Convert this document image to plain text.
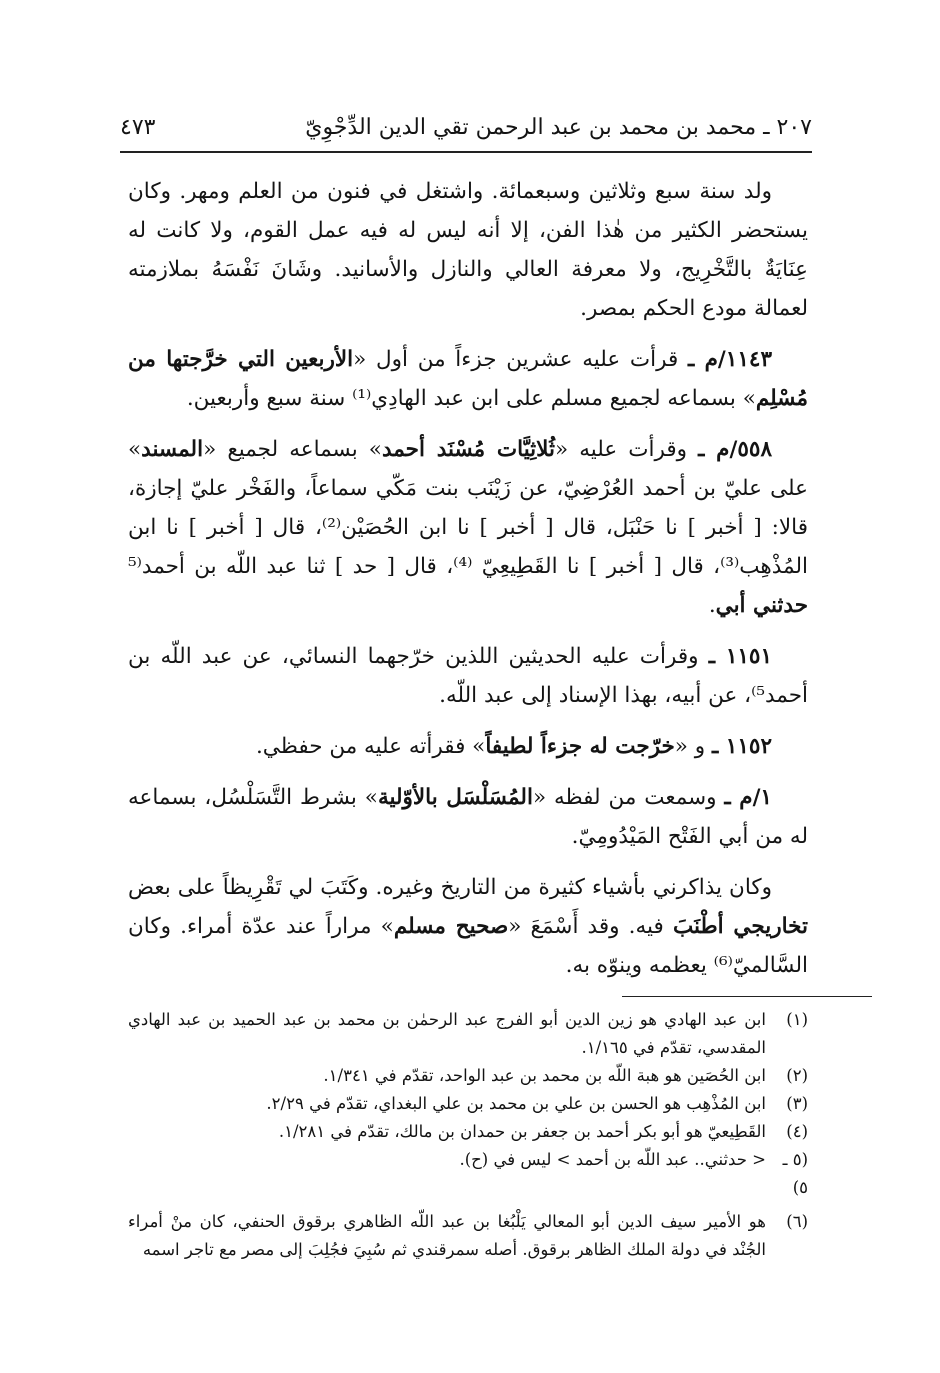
٢٠٧ ـ محمد بن محمد بن عبد الرحمن تقي الدين الدِّجْوِيّ
٤٧٣

ولد سنة سبع وثلاثين وسبعمائة. واشتغل في فنون من العلم ومهر. وكان يستحضر الكثير من هٰذا الفن، إلا أنه ليس له فيه عمل القوم، ولا كانت له عِنَايَةٌ بالتَّخْرِيج، ولا معرفة العالي والنازل والأسانيد. وشَانَ نَفْسَهُ بملازمته لعمالة مودع الحكم بمصر.

١١٤٣/م ـ قرأت عليه عشرين جزءاً من أول «الأربعين التي خرَّجتها من مُسْلِم» بسماعه لجميع مسلم على ابن عبد الهادِي⁽¹⁾ سنة سبع وأربعين.

٥٥٨/م ـ وقرأت عليه «ثُلاثِيَّات مُسْنَد أحمد» بسماعه لجميع «المسند» على عليّ بن أحمد العُرْضِيّ، عن زَيْنَب بنت مَكّي سماعاً، والفَخْر عليّ إجازة، قالا: [ أخبر ] نا حَنْبَل، قال [ أخبر ] نا ابن الحُصَيْن⁽²⁾، قال [ أخبر ] نا ابن المُذْهِب⁽³⁾، قال [ أخبر ] نا القَطِيعِيّ ⁽⁴⁾، قال [ حد ] ثنا عبد اللّه بن أحمد⁽⁵ حدثني أبي.

١١٥١ ـ وقرأت عليه الحديثين اللذين خرّجهما النسائي، عن عبد اللّه بن أحمد⁵⁾، عن أبيه، بهذا الإسناد إلى عبد اللّه.

١١٥٢ ـ و «خرّجت له جزءاً لطيفاً» فقرأته عليه من حفظي.

١/م ـ وسمعت من لفظه «المُسَلْسَل بالأوّلية» بشرط التَّسَلْسُل، بسماعه له من أبي الفَتْح المَيْدُومِيّ.

وكان يذاكرني بأشياء كثيرة من التاريخ وغيره. وكَتَبَ لي تَقْرِيظاً على بعض تخاريجي أطْنَبَ فيه. وقد أَسْمَعَ «صحيح مسلم» مراراً عند عدّة أمراء. وكان السَّالميّ⁽⁶⁾ يعظمه وينوّه به.

(١)
ابن عبد الهادي هو زين الدين أبو الفرج عبد الرحمٰن بن محمد بن عبد الحميد بن عبد الهادي المقدسي، تقدّم في ١/١٦٥.
(٢)
ابن الحُصَين هو هبة اللّه بن محمد بن عبد الواحد، تقدّم في ١/٣٤١.
(٣)
ابن المُذْهِب هو الحسن بن علي بن محمد بن علي البغداي، تقدّم في ٢/٢٩.
(٤)
القَطِيعيّ هو أبو بكر أحمد بن جعفر بن حمدان بن مالك، تقدّم في ١/٢٨١.
(٥ ـ ٥)
< حدثني.. عبد اللّه بن أحمد > ليس في (ح).
(٦)
هو الأمير سيف الدين أبو المعالي يَلْبُغا بن عبد اللّه الظاهري برقوق الحنفي، كان منْ أمراء الجُنْد في دولة الملك الظاهر برقوق. أصله سمرقندي ثم سُبِيَ فجُلِبَ إلى مصر مع تاجر اسمه
